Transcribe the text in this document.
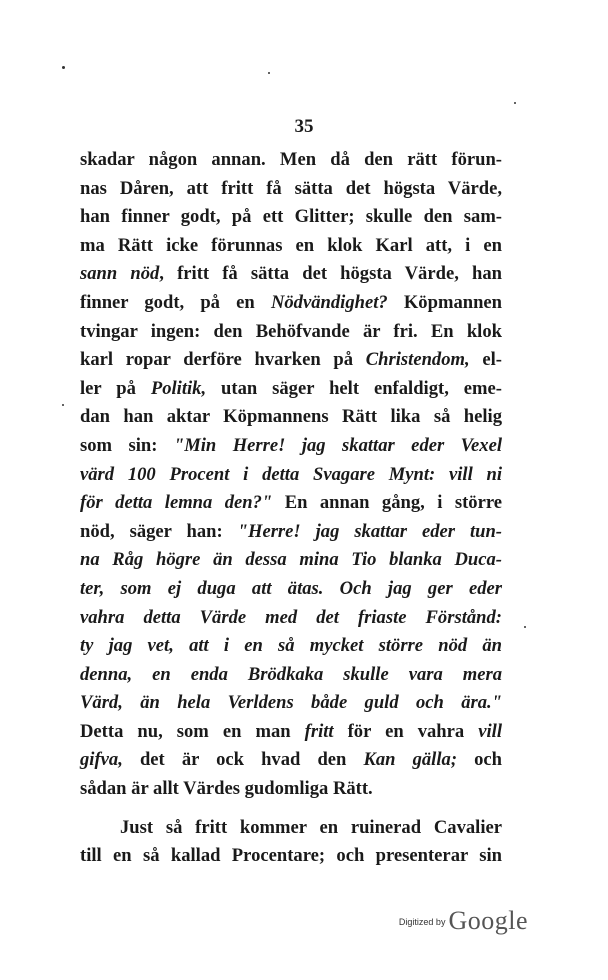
35
skadar någon annan. Men då den rätt förun-
nas Dåren, att fritt få sätta det högsta Värde,
han finner godt, på ett Glitter; skulle den sam-
ma Rätt icke förunnas en klok Karl att, i en
sann nöd, fritt få sätta det högsta Värde, han
finner godt, på en Nödvändighet? Köpmannen
tvingar ingen: den Behöfvande är fri. En klok
karl ropar derföre hvarken på Christendom, el-
ler på Politik, utan säger helt enfaldigt, eme-
dan han aktar Köpmannens Rätt lika så helig
som sin: "Min Herre! jag skattar eder Vexel
värd 100 Procent i detta Svagare Mynt: vill ni
för detta lemna den?" En annan gång, i större
nöd, säger han: "Herre! jag skattar eder tun-
na Råg högre än dessa mina Tio blanka Duca-
ter, som ej duga att ätas. Och jag ger eder
vahra detta Värde med det friaste Förstånd:
ty jag vet, att i en så mycket större nöd än
denna, en enda Brödkaka skulle vara mera
Värd, än hela Verldens både guld och ära."
Detta nu, som en man fritt för en vahra vill
gifva, det är ock hvad den Kan gälla; och
sådan är allt Värdes gudomliga Rätt.
Just så fritt kommer en ruinerad Cavalier
till en så kallad Procentare; och presenterar sin
$^{Digitized by}$ Google
